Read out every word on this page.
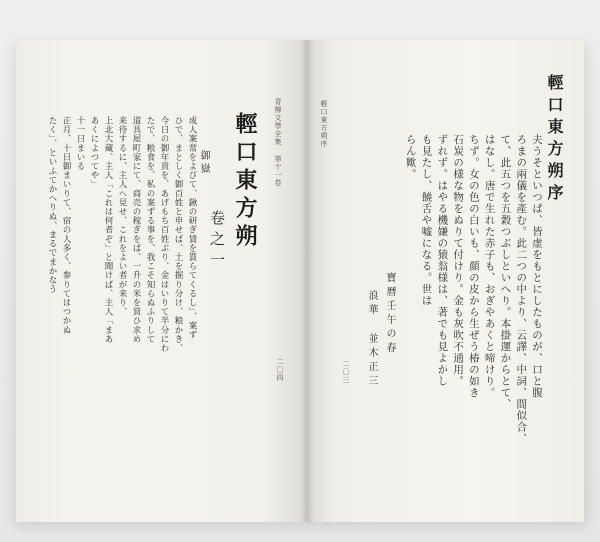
青柳文學全集 第十一卷
輕口東方朔
卷之一
御嶽
成人案常をよびて、鍬の研ぎ賃を貰らてくるし」、案ず
ひで、まとしく御百姓と申せば、土を掘り分け、粮かき、
今日の御年貢を、あげもち百姓ぶり、金はいりて半分にわ
たで、粮食を、私の案ずる事を、我こそ知らぬふりして
道具屋町家にて、商売の稼ぎをば、一升の米を買ひ求め
来待するに、主人へ見せ、これをよい者が来り、
上北大蔵、主人「これは何者ぞ」と聞けば、主人「まあ
あくによつてや」
十一日まいる
正月、十日御まいりて、宿の人多く、参りてはつかぬ
たく」、といふてかへりぬ、まるでまかなう
二〇四
輕口東方朔序	輕口東方朔序
夫うそといつぱ、皆虚をもとにしたものが、口と腹
ろまの兩儀を產む。此二つの中より、云譯、中詞、間似合、
て、此五つを五穀つぶしといへり。本掛運からとて、
はなし。唐で生れた赤子も、おぎやあくと啼けり。
ちず。女の色の白いも、顔の皮から生ぜう椿の如き
石炭の様な物をぬりて付けり。金も灰吹不通用。
ずれず。はやる機嫌の猿翁様は、著でも見よかし
も見たし、饒舌や嘘になる。世は
らん歟。
寶曆壬午の春
浪華 並木正三
二〇三
